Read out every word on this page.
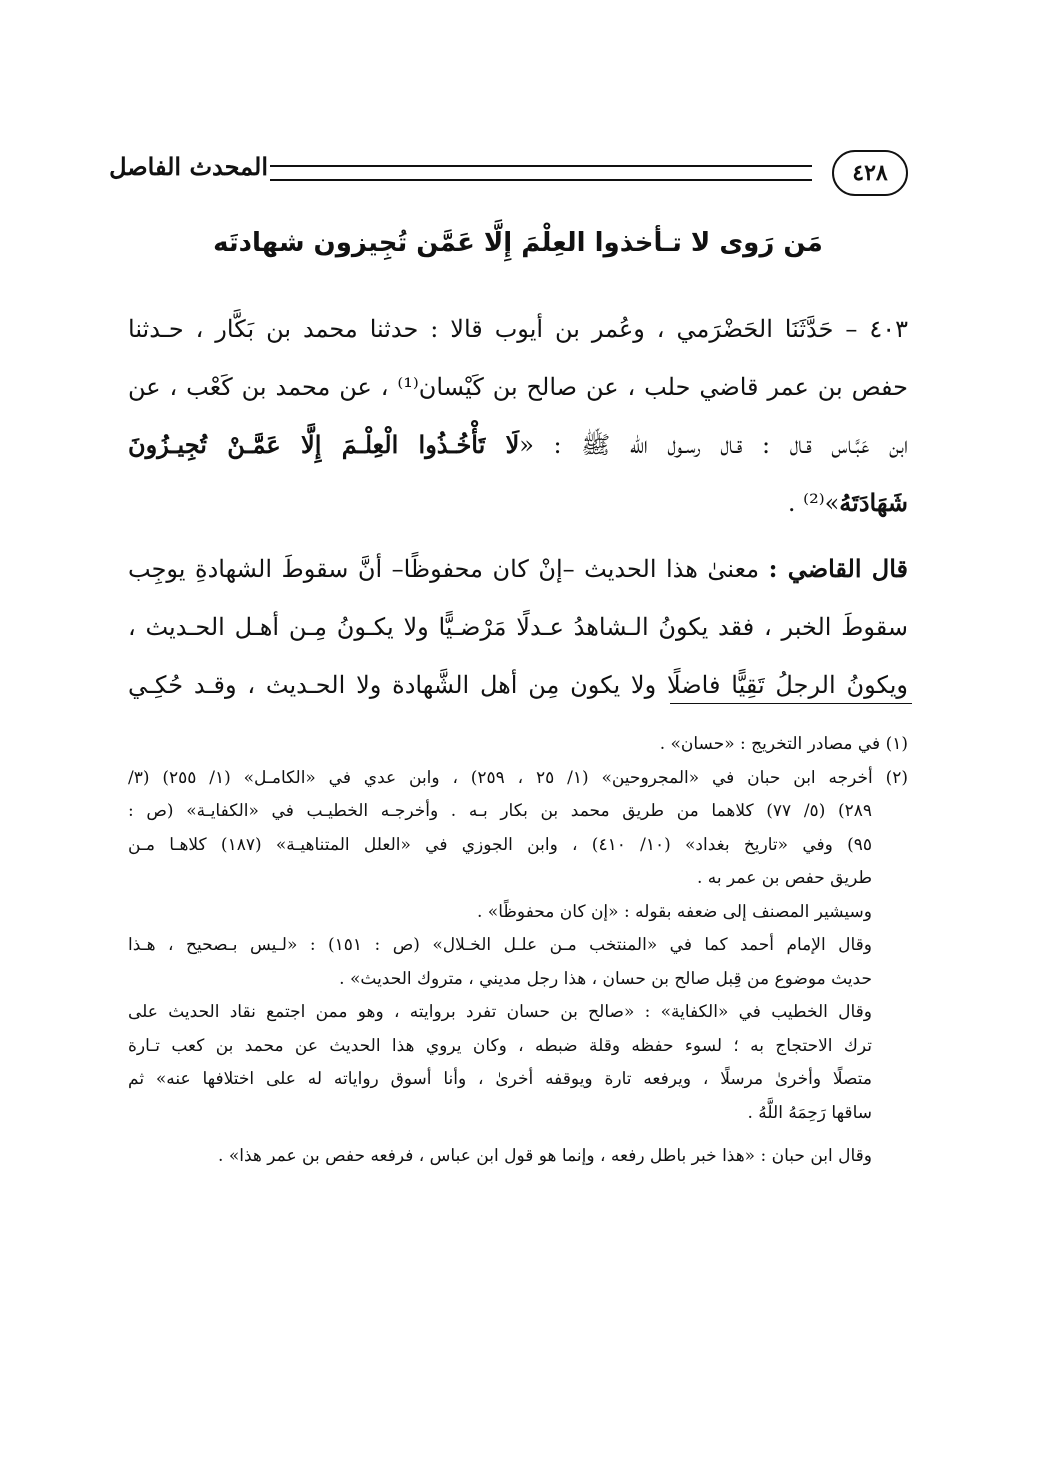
٤٢٨
المحدث الفاصل
مَن رَوى لا تـأخذوا العِلْمَ إِلَّا عَمَّن تُجِيزون شهادتَه
٤٠٣ – حَدَّثَنَا الحَضْرَمي ، وعُمر بن أيوب قالا : حدثنا محمد بن بَكَّار ، حـدثنا
حفص بن عمر قاضي حلب ، عن صالح بن كَيْسان⁽¹⁾ ، عن محمد بن كَعْب ، عن
ابن عَبَّـاس قـال : قـال رسـول الله ﷺ : «لَا تَأْخُـذُوا الْعِلْـمَ إِلَّا عَمَّـنْ تُجِيـزُونَ
شَهَادَتَهُ»⁽²⁾ .
قال القاضي : معنىٰ هذا الحديث –إنْ كان محفوظًا– أنَّ سقوطَ الشهادةِ يوجِب
سقوطَ الخبر ، فقد يكونُ الـشاهدُ عـدلًا مَرْضـيًّا ولا يكـونُ مِـن أهـل الحـديث ،
ويكونُ الرجلُ تَقِيًّا فاضلًا ولا يكون مِن أهل الشَّهادة ولا الحـديث ، وقـد حُكِـي
(١) في مصادر التخريج : «حسان» .
(٢) أخرجه ابن حبان في «المجروحين» (١/ ٢٥ ، ٢٥٩) ، وابن عدي في «الكامـل» (١/ ٢٥٥) (٣/
٢٨٩) (٥/ ٧٧) كلاهما من طريق محمد بن بكار بـه . وأخرجـه الخطيـب في «الكفايـة» (ص :
٩٥) وفي «تاريخ بغداد» (١٠/ ٤١٠) ، وابن الجوزي في «العلل المتناهيـة» (١٨٧) كلاهـا مـن
طريق حفص بن عمر به .
وسيشير المصنف إلى ضعفه بقوله : «إن كان محفوظًا» .
وقال الإمام أحمد كما في «المنتخب مـن علـل الخـلال» (ص : ١٥١) : «لـيس بـصحيح ، هـذا
حديث موضوع من قِبل صالح بن حسان ، هذا رجل مديني ، متروك الحديث» .
وقال الخطيب في «الكفاية» : «صالح بن حسان تفرد بروايته ، وهو ممن اجتمع نقاد الحديث على
ترك الاحتجاج به ؛ لسوء حفظه وقلة ضبطه ، وكان يروي هذا الحديث عن محمد بن كعب تـارة
متصلًا وأخرىٰ مرسلًا ، ويرفعه تارة ويوقفه أخرىٰ ، وأنا أسوق رواياته له على اختلافها عنه» ثم
ساقها رَحِمَهُ اللَّهُ .
وقال ابن حبان : «هذا خبر باطل رفعه ، وإنما هو قول ابن عباس ، فرفعه حفص بن عمر هذا» .
